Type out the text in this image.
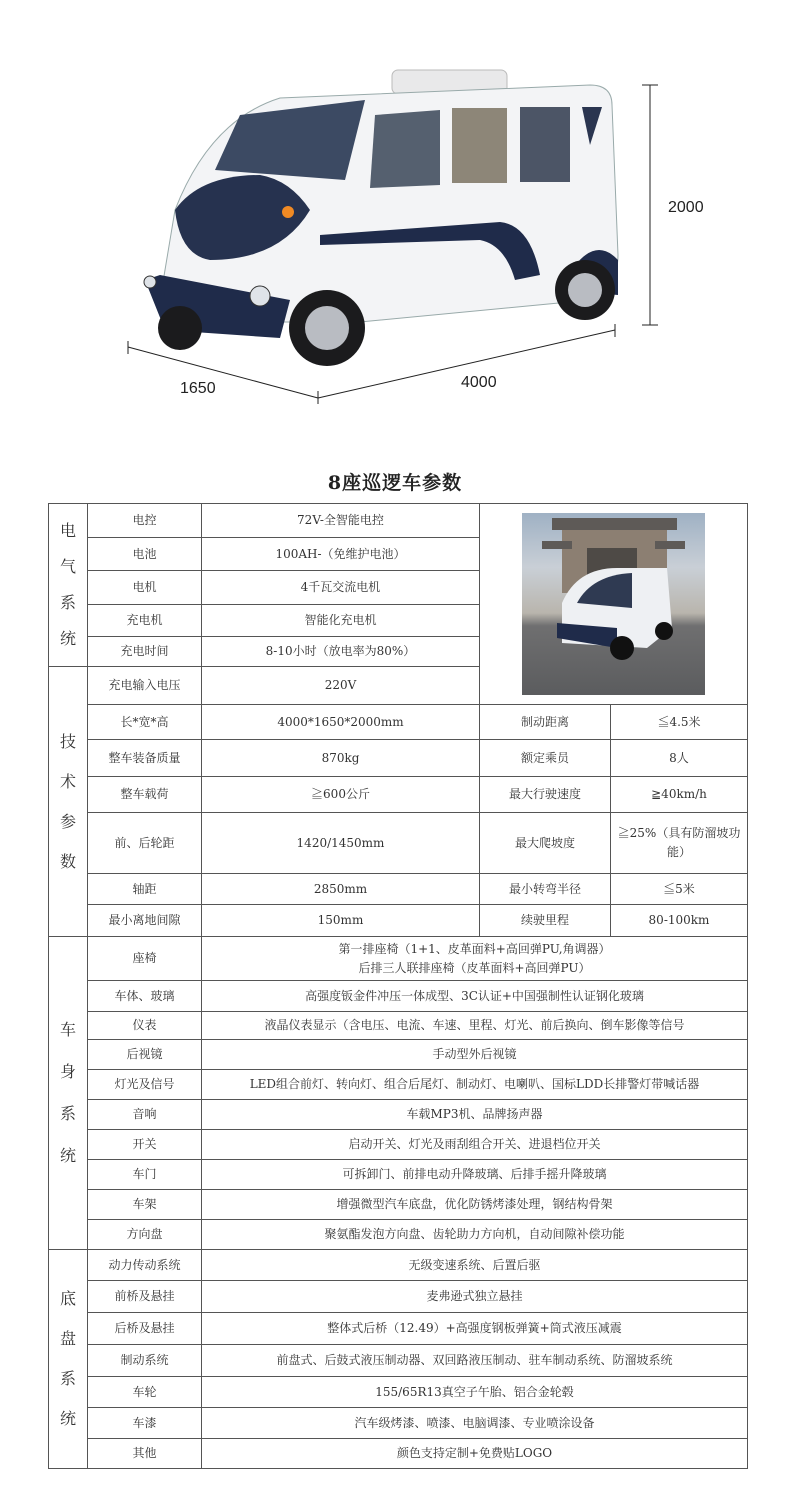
2000
1650	4000
8座巡逻车参数
电气系统	电控	72V-全智能电控	

	电池	100AH-（免维护电池）		
	电机	4千瓦交流电机		
	充电机	智能化充电机		
	充电时间	8-10小时（放电率为80%）		

技术参数	充电输入电压	220V		
	长*宽*高	4000*1650*2000mm	制动距离	≦4.5米
	整车装备质量	870kg	额定乘员	8人
	整车载荷	≧600公斤	最大行驶速度	≧40km/h
	前、后轮距	1420/1450mm	最大爬坡度	≧25%（具有防溜坡功能）
	轴距	2850mm	最小转弯半径	≦5米
	最小离地间隙	150mm	续驶里程	80-100km

车身系统	座椅	第一排座椅（1+1、皮革面料+高回弹PU,角调器）
后排三人联排座椅（皮革面料+高回弹PU）		

	车体、玻璃	高强度钣金件冲压一体成型、3C认证+中国强制性认证钢化玻璃		

	仪表	液晶仪表显示（含电压、电流、车速、里程、灯光、前后换向、倒车影像等信号		

	后视镜	手动型外后视镜		

	灯光及信号	LED组合前灯、转向灯、组合后尾灯、制动灯、电喇叭、国标LDD长排警灯带喊话器		

	音响	车载MP3机、品牌扬声器		

	开关	启动开关、灯光及雨刮组合开关、进退档位开关		

	车门	可拆卸门、前排电动升降玻璃、后排手摇升降玻璃		

	车架	增强微型汽车底盘，优化防锈烤漆处理，钢结构骨架		

	方向盘	聚氨酯发泡方向盘、齿轮助力方向机，自动间隙补偿功能		

底盘系统	动力传动系统	无级变速系统、后置后驱		

	前桥及悬挂	麦弗逊式独立悬挂		

	后桥及悬挂	整体式后桥（12.49）+高强度钢板弹簧+筒式液压减震		

	制动系统	前盘式、后鼓式液压制动器、双回路液压制动、驻车制动系统、防溜坡系统		

	车轮	155/65R13真空子午胎、铝合金轮毂		

	车漆	汽车级烤漆、喷漆、电脑调漆、专业喷涂设备		

	其他	颜色支持定制+免费贴LOGO		
